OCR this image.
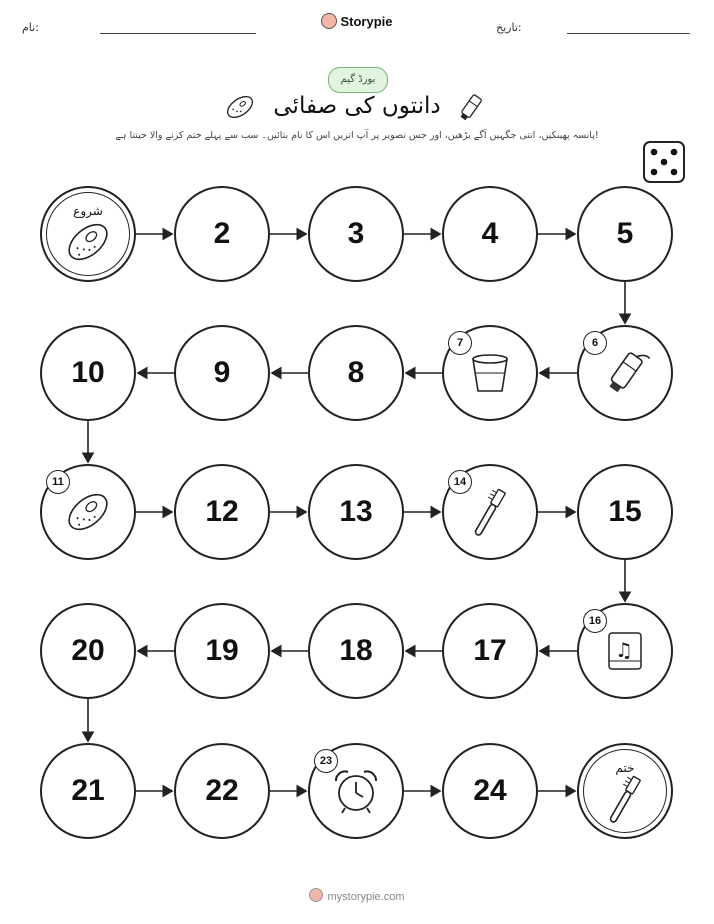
نام:	Storypie	تاریخ:
بورڈ گیم
دانتوں کی صفائی
پانسہ پھینکیں، اتنی جگہیں آگے بڑھیں، اور جس تصویر پر آپ اتریں اس کا نام بتائیں۔ سب سے پہلے ختم کرنے والا جیتتا ہے!
شروع
2	3	4	5
6
7
8
9
10
11
12	13
14
15
♫
16
17
18
19
20
21	22
23
24
ختم
mystorypie.com
